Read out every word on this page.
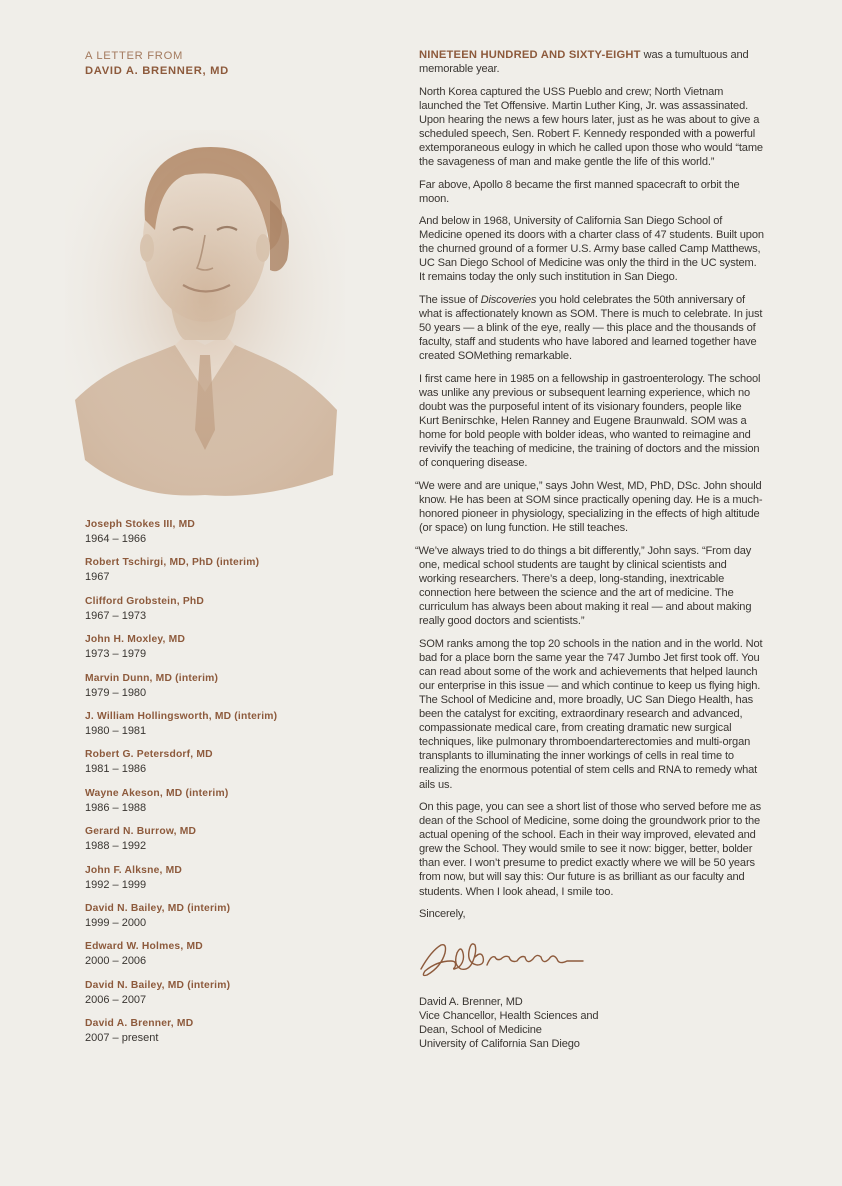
A LETTER FROM
DAVID A. BRENNER, MD
Joseph Stokes III, MD
1964 – 1966
Robert Tschirgi, MD, PhD (interim)
1967
Clifford Grobstein, PhD
1967 – 1973
John H. Moxley, MD
1973 – 1979
Marvin Dunn, MD (interim)
1979 – 1980
J. William Hollingsworth, MD (interim)
1980 – 1981
Robert G. Petersdorf, MD
1981 – 1986
Wayne Akeson, MD (interim)
1986 – 1988
Gerard N. Burrow, MD
1988 – 1992
John F. Alksne, MD
1992 – 1999
David N. Bailey, MD (interim)
1999 – 2000
Edward W. Holmes, MD
2000 – 2006
David N. Bailey, MD (interim)
2006 – 2007
David A. Brenner, MD
2007 – present

NINETEEN HUNDRED AND SIXTY-EIGHT was a tumultuous and memorable year.

North Korea captured the USS Pueblo and crew; North Vietnam launched the Tet Offensive. Martin Luther King, Jr. was assassinated. Upon hearing the news a few hours later, just as he was about to give a scheduled speech, Sen. Robert F. Kennedy responded with a powerful extemporaneous eulogy in which he called upon those who would “tame the savageness of man and make gentle the life of this world.”

Far above, Apollo 8 became the first manned spacecraft to orbit the moon.

And below in 1968, University of California San Diego School of Medicine opened its doors with a charter class of 47 students. Built upon the churned ground of a former U.S. Army base called Camp Matthews, UC San Diego School of Medicine was only the third in the UC system. It remains today the only such institution in San Diego.

The issue of Discoveries you hold celebrates the 50th anniversary of what is affectionately known as SOM. There is much to celebrate. In just 50 years — a blink of the eye, really — this place and the thousands of faculty, staff and students who have labored and learned together have created SOMething remarkable.

I first came here in 1985 on a fellowship in gastroenterology. The school was unlike any previous or subsequent learning experience, which no doubt was the purposeful intent of its visionary founders, people like Kurt Benirschke, Helen Ranney and Eugene Braunwald. SOM was a home for bold people with bolder ideas, who wanted to reimagine and revivify the teaching of medicine, the training of doctors and the mission of conquering disease.

“We were and are unique,” says John West, MD, PhD, DSc. John should know. He has been at SOM since practically opening day. He is a much-honored pioneer in physiology, specializing in the effects of high altitude (or space) on lung function. He still teaches.

“We’ve always tried to do things a bit differently,” John says. “From day one, medical school students are taught by clinical scientists and working researchers. There’s a deep, long-standing, inextricable connection here between the science and the art of medicine. The curriculum has always been about making it real — and about making really good doctors and scientists.”

SOM ranks among the top 20 schools in the nation and in the world. Not bad for a place born the same year the 747 Jumbo Jet first took off. You can read about some of the work and achievements that helped launch our enterprise in this issue — and which continue to keep us flying high. The School of Medicine and, more broadly, UC San Diego Health, has been the catalyst for exciting, extraordinary research and advanced, compassionate medical care, from creating dramatic new surgical techniques, like pulmonary thromboendarterectomies and multi-organ transplants to illuminating the inner workings of cells in real time to realizing the enormous potential of stem cells and RNA to remedy what ails us.

On this page, you can see a short list of those who served before me as dean of the School of Medicine, some doing the groundwork prior to the actual opening of the school. Each in their way improved, elevated and grew the School. They would smile to see it now: bigger, better, bolder than ever. I won’t presume to predict exactly where we will be 50 years from now, but will say this: Our future is as brilliant as our faculty and students. When I look ahead, I smile too.

Sincerely,

David A. Brenner, MD

Vice Chancellor, Health Sciences and

Dean, School of Medicine

University of California San Diego
